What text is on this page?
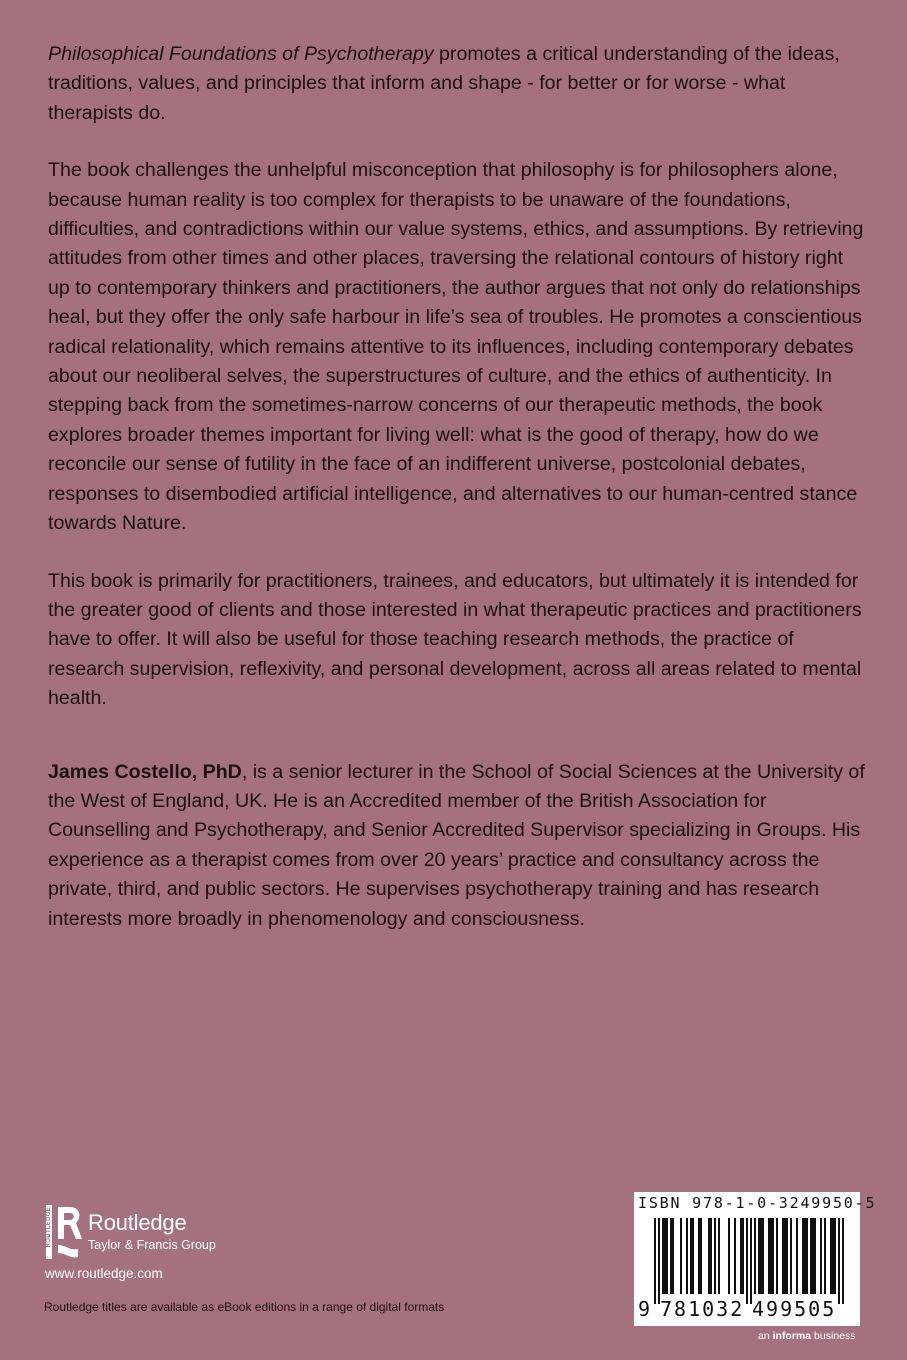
Philosophical Foundations of Psychotherapy promotes a critical understanding of the ideas, traditions, values, and principles that inform and shape - for better or for worse - what therapists do.

The book challenges the unhelpful misconception that philosophy is for philosophers alone, because human reality is too complex for therapists to be unaware of the foundations, difficulties, and contradictions within our value systems, ethics, and assumptions. By retrieving attitudes from other times and other places, traversing the relational contours of history right up to contemporary thinkers and practitioners, the author argues that not only do relationships heal, but they offer the only safe harbour in life’s sea of troubles. He promotes a conscientious radical relationality, which remains attentive to its influences, including contemporary debates about our neoliberal selves, the superstructures of culture, and the ethics of authenticity. In stepping back from the sometimes-narrow concerns of our therapeutic methods, the book explores broader themes important for living well: what is the good of therapy, how do we reconcile our sense of futility in the face of an indifferent universe, postcolonial debates, responses to disembodied artificial intelligence, and alternatives to our human-centred stance towards Nature.

This book is primarily for practitioners, trainees, and educators, but ultimately it is intended for the greater good of clients and those interested in what therapeutic practices and practitioners have to offer. It will also be useful for those teaching research methods, the practice of research supervision, reflexivity, and personal development, across all areas related to mental health.

James Costello, PhD, is a senior lecturer in the School of Social Sciences at the University of the West of England, UK. He is an Accredited member of the British Association for Counselling and Psychotherapy, and Senior Accredited Supervisor specializing in Groups. His experience as a therapist comes from over 20 years’ practice and consultancy across the private, third, and public sectors. He supervises psychotherapy training and has research interests more broadly in phenomenology and consciousness.

ROUTLEDGE Routledge
Taylor & Francis Group
www.routledge.com
Routledge titles are available as eBook editions in a range of digital formats	9 781032 499505
ISBN 978-1-0-3249950-5
an informa business
